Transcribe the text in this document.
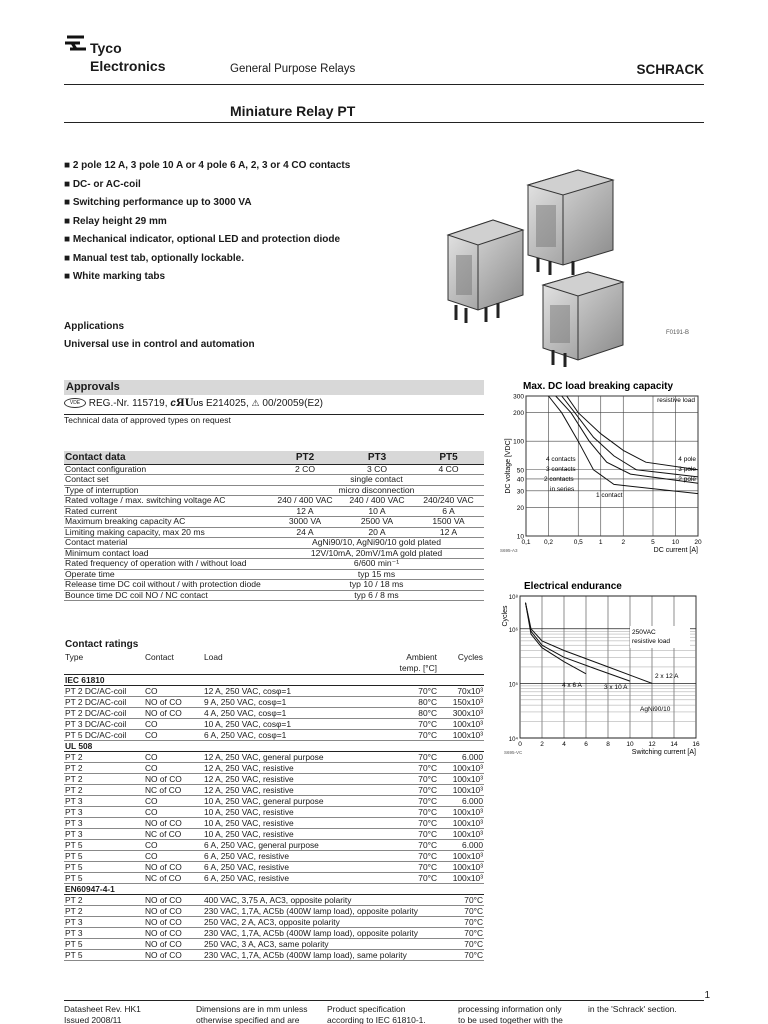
Tyco
Electronics	General Purpose Relays	SCHRACK
Miniature Relay PT
■ 2 pole 12 A, 3 pole 10 A or 4 pole 6 A, 2, 3 or 4 CO contacts
■ DC- or AC-coil
■ Switching performance up to 3000 VA
■ Relay height 29 mm
■ Mechanical indicator, optional LED and protection diode
■ Manual test tab, optionally lockable.
■ White marking tabs
F0191-B
Applications
Universal use in control and automation
Approvals
VDE REG.-Nr. 115719, cЯUUS E214025, ⚠ 00/20059(E2)
Technical data of approved types on request
Contact data	PT2	PT3	PT5
Contact configuration	2 CO	3 CO	4 CO
Contact set	single contact		
Type of interruption	micro disconnection		
Rated voltage / max. switching voltage AC	240 / 400 VAC	240 / 400 VAC	240/240 VAC
Rated current	12 A	10 A	6 A
Maximum breaking capacity AC	3000 VA	2500 VA	1500 VA
Limiting making capacity, max 20 ms	24 A	20 A	12 A
Contact material	AgNi90/10, AgNi90/10 gold plated		
Minimum contact load	12V/10mA, 20mV/1mA gold plated		
Rated frequency of operation with / without load	6/600 min⁻¹		
Operate time	typ 15 ms		
Release time DC coil without / with protection diode	typ 10 / 18 ms		
Bounce time DC coil NO / NC contact	typ 6 / 8 ms		
Contact ratings				
Type	Contact	Load	Ambient
temp. [°C]	Cycles
IEC 61810				
PT 2 DC/AC-coil	CO	12 A, 250 VAC, cosφ=1	70°C	70x10³
PT 2 DC/AC-coil	NO of CO	9 A, 250 VAC, cosφ=1	80°C	150x10³
PT 2 DC/AC-coil	NO of CO	4 A, 250 VAC, cosφ=1	80°C	300x10³
PT 3 DC/AC-coil	CO	10 A, 250 VAC, cosφ=1	70°C	100x10³
PT 5 DC/AC-coil	CO	6 A, 250 VAC, cosφ=1	70°C	100x10³
UL 508				
PT 2	CO	12 A, 250 VAC, general purpose	70°C	6.000
PT 2	CO	12 A, 250 VAC, resistive	70°C	100x10³
PT 2	NO of CO	12 A, 250 VAC, resistive	70°C	100x10³
PT 2	NC of CO	12 A, 250 VAC, resistive	70°C	100x10³
PT 3	CO	10 A, 250 VAC, general purpose	70°C	6.000
PT 3	CO	10 A, 250 VAC, resistive	70°C	100x10³
PT 3	NO of CO	10 A, 250 VAC, resistive	70°C	100x10³
PT 3	NC of CO	10 A, 250 VAC, resistive	70°C	100x10³
PT 5	CO	6 A, 250 VAC, general purpose	70°C	6.000
PT 5	CO	6 A, 250 VAC, resistive	70°C	100x10³
PT 5	NO of CO	6 A, 250 VAC, resistive	70°C	100x10³
PT 5	NC of CO	6 A, 250 VAC, resistive	70°C	100x10³
EN60947-4-1				
PT 2	NO of CO	400 VAC, 3,75 A, AC3, opposite polarity		70°C
PT 2	NO of CO	230 VAC, 1,7A, AC5b (400W lamp load), opposite polarity		70°C
PT 3	NO of CO	250 VAC, 2 A, AC3, opposite polarity		70°C
PT 3	NO of CO	230 VAC, 1,7A, AC5b (400W lamp load), opposite polarity		70°C
PT 5	NO of CO	250 VAC, 3 A, AC3, same polarity		70°C
PT 5	NO of CO	230 VAC, 1,7A, AC5b (400W lamp load), same polarity		70°C
Max. DC load breaking capacity
0,1 0,2	0,5 1	2	5	10 20
300
200
100
50
40
30
20
10
DC current [A]
DC voltage [VDC]
S695-A3
resistive load
4 contacts
3 contacts
2 contacts
in series
1 contact
4 pole
3 pole
2 pole
Electrical endurance
0	2	4	6	8	10 12 14 16
10⁸
10⁶
10⁵
10⁴
Switching current [A]
Cycles
S695-VC
250VAC
resistive load
2 x 12 A
4 x 6 A	3 x 10 A
AgNi90/10
1
Datasheet Rev. HK1
Issued 2008/11
Dimensions are in mm unless
otherwise specified and are
Product specification
according to IEC 61810-1.
processing information only
to be used together with the
in the 'Schrack' section.
